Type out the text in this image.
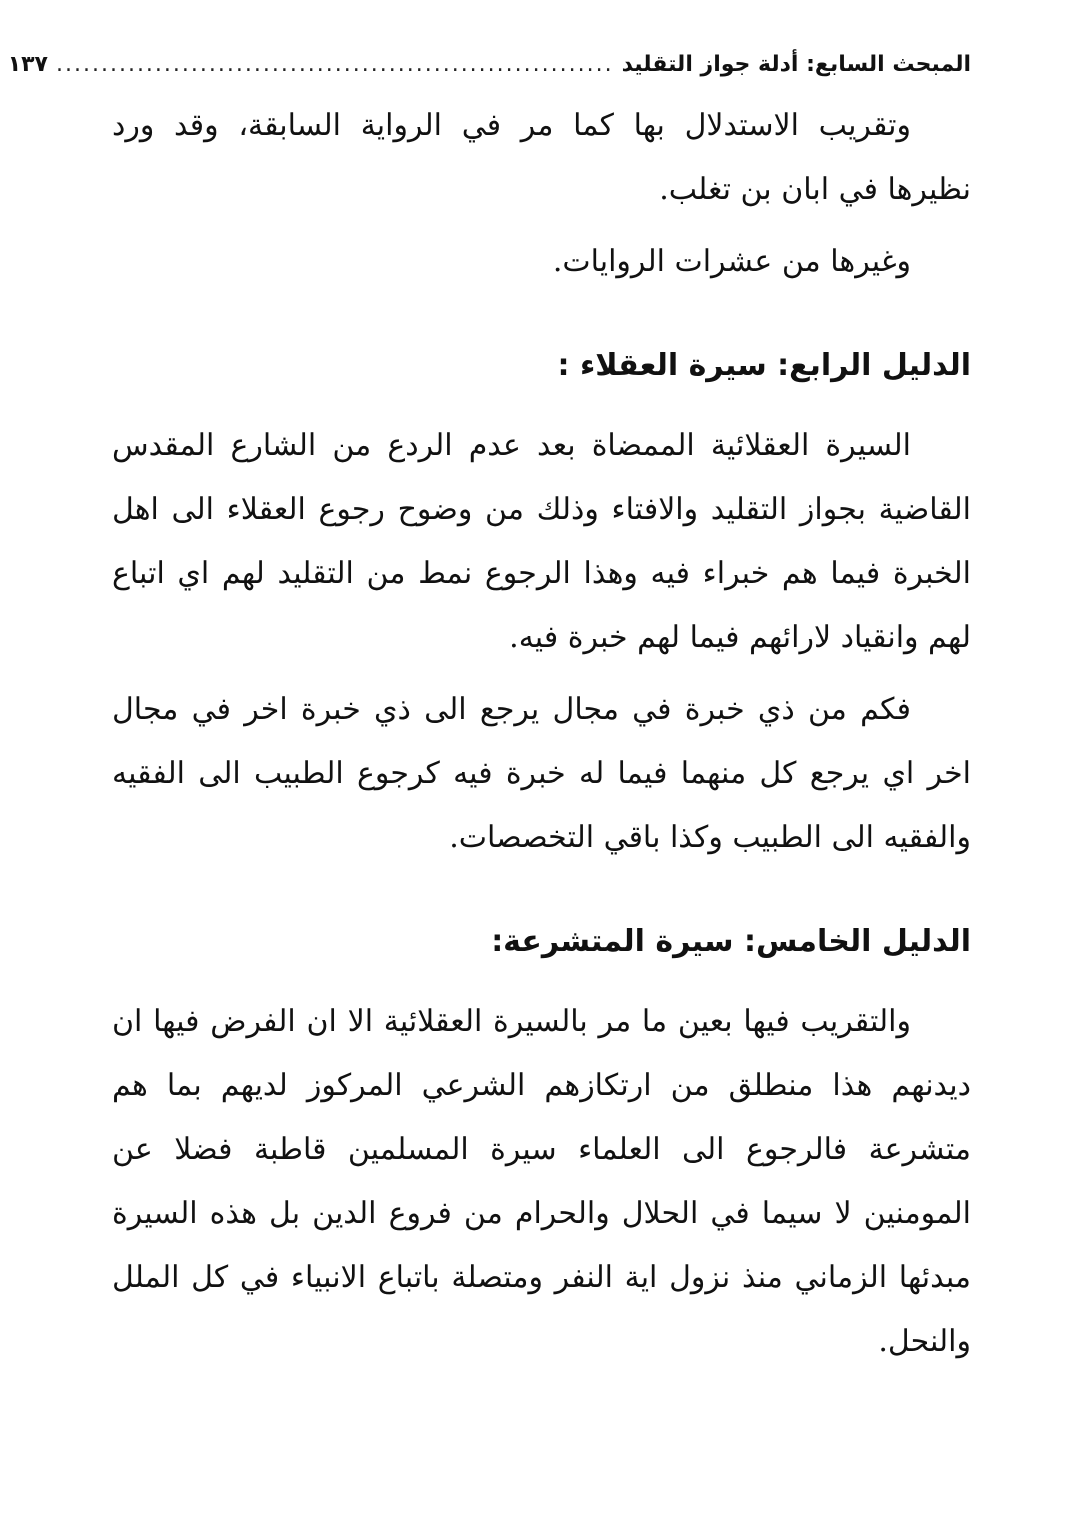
المبحث السابع: أدلة جواز التقليد
..............................................................
١٣٧

وتقريب الاستدلال بها كما مر في الرواية السابقة، وقد ورد نظيرها في ابان بن تغلب.

وغيرها من عشرات الروايات.

الدليل الرابع: سيرة العقلاء :

السيرة العقلائية الممضاة بعد عدم الردع من الشارع المقدس القاضية بجواز التقليد والافتاء وذلك من وضوح رجوع العقلاء الى اهل الخبرة فيما هم خبراء فيه وهذا الرجوع نمط من التقليد لهم اي اتباع لهم وانقياد لارائهم فيما لهم خبرة فيه.

فكم من ذي خبرة في مجال يرجع الى ذي خبرة اخر في مجال اخر اي يرجع كل منهما فيما له خبرة فيه كرجوع الطبيب الى الفقيه والفقيه الى الطبيب وكذا باقي التخصصات.

الدليل الخامس: سيرة المتشرعة:

والتقريب فيها بعين ما مر بالسيرة العقلائية الا ان الفرض فيها ان ديدنهم هذا منطلق من ارتكازهم الشرعي المركوز لديهم بما هم متشرعة فالرجوع الى العلماء سيرة المسلمين قاطبة فضلا عن المومنين لا سيما في الحلال والحرام من فروع الدين بل هذه السيرة مبدئها الزماني منذ نزول اية النفر ومتصلة باتباع الانبياء في كل الملل والنحل.
